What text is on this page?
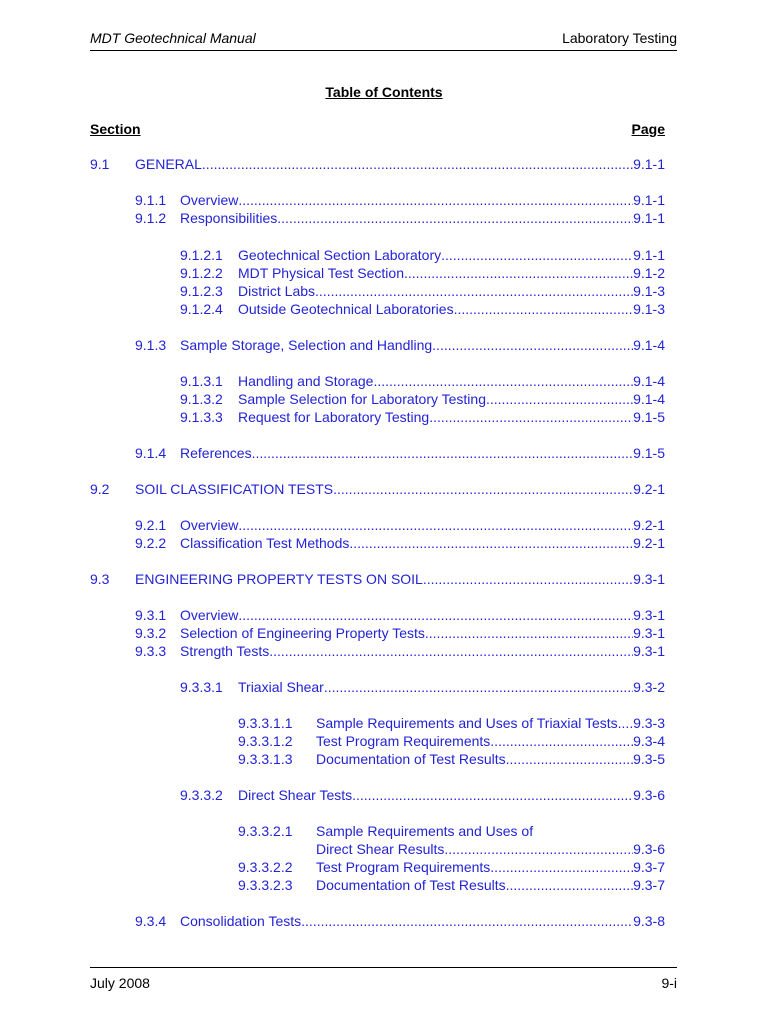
MDT Geotechnical Manual	Laboratory Testing
Table of Contents
Section	Page
9.1 GENERAL .....	9.1-1
9.1.1 Overview .....	9.1-1
9.1.2 Responsibilities .....	9.1-1
9.1.2.1 Geotechnical Section Laboratory .....	9.1-1
9.1.2.2 MDT Physical Test Section .....	9.1-2
9.1.2.3 District Labs .....	9.1-3
9.1.2.4 Outside Geotechnical Laboratories .....	9.1-3
9.1.3 Sample Storage, Selection and Handling .....	9.1-4
9.1.3.1 Handling and Storage .....	9.1-4
9.1.3.2 Sample Selection for Laboratory Testing .....	9.1-4
9.1.3.3 Request for Laboratory Testing .....	9.1-5
9.1.4 References .....	9.1-5
9.2 SOIL CLASSIFICATION TESTS .....	9.2-1
9.2.1 Overview .....	9.2-1
9.2.2 Classification Test Methods .....	9.2-1
9.3 ENGINEERING PROPERTY TESTS ON SOIL .....	9.3-1
9.3.1 Overview .....	9.3-1
9.3.2 Selection of Engineering Property Tests .....	9.3-1
9.3.3 Strength Tests .....	9.3-1
9.3.3.1 Triaxial Shear .....	9.3-2
9.3.3.1.1 Sample Requirements and Uses of Triaxial Tests ..... 9.3-3
9.3.3.1.2 Test Program Requirements .....	9.3-4
9.3.3.1.3 Documentation of Test Results .....	9.3-5
9.3.3.2 Direct Shear Tests .....	9.3-6
9.3.3.2.1 Sample Requirements and Uses of
Direct Shear Results .....	9.3-6
9.3.3.2.2 Test Program Requirements .....	9.3-7
9.3.3.2.3 Documentation of Test Results .....	9.3-7
9.3.4 Consolidation Tests .....	9.3-8
July 2008	9-i
